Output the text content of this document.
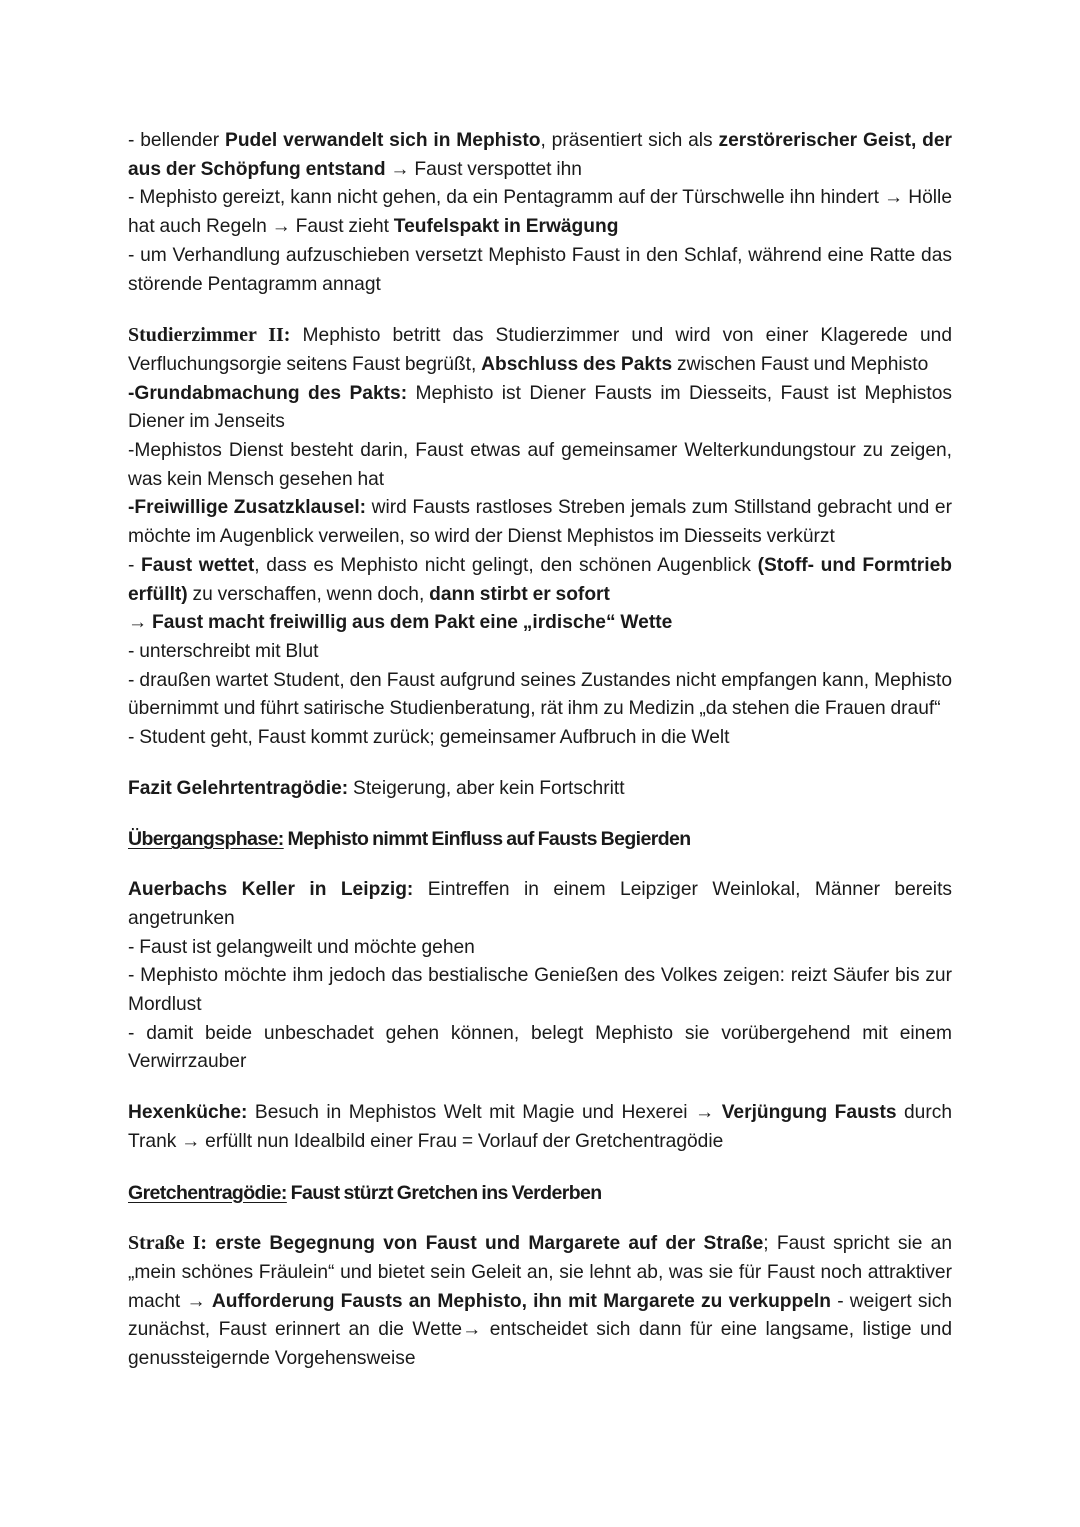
- bellender Pudel verwandelt sich in Mephisto, präsentiert sich als zerstörerischer Geist, der aus der Schöpfung entstand → Faust verspottet ihn

- Mephisto gereizt, kann nicht gehen, da ein Pentagramm auf der Türschwelle ihn hindert → Hölle hat auch Regeln → Faust zieht Teufelspakt in Erwägung

- um Verhandlung aufzuschieben versetzt Mephisto Faust in den Schlaf, während eine Ratte das störende Pentagramm annagt

Studierzimmer II: Mephisto betritt das Studierzimmer und wird von einer Klagerede und Verfluchungsorgie seitens Faust begrüßt, Abschluss des Pakts zwischen Faust und Mephisto

-Grundabmachung des Pakts: Mephisto ist Diener Fausts im Diesseits, Faust ist Mephistos Diener im Jenseits

-Mephistos Dienst besteht darin, Faust etwas auf gemeinsamer Welterkundungstour zu zeigen, was kein Mensch gesehen hat

-Freiwillige Zusatzklausel: wird Fausts rastloses Streben jemals zum Stillstand gebracht und er möchte im Augenblick verweilen, so wird der Dienst Mephistos im Diesseits verkürzt

- Faust wettet, dass es Mephisto nicht gelingt, den schönen Augenblick (Stoff- und Formtrieb erfüllt) zu verschaffen, wenn doch, dann stirbt er sofort

→ Faust macht freiwillig aus dem Pakt eine „irdische“ Wette

- unterschreibt mit Blut

- draußen wartet Student, den Faust aufgrund seines Zustandes nicht empfangen kann, Mephisto übernimmt und führt satirische Studienberatung, rät ihm zu Medizin „da stehen die Frauen drauf“

- Student geht, Faust kommt zurück; gemeinsamer Aufbruch in die Welt

Fazit Gelehrtentragödie: Steigerung, aber kein Fortschritt

Übergangsphase: Mephisto nimmt Einfluss auf Fausts Begierden

Auerbachs Keller in Leipzig: Eintreffen in einem Leipziger Weinlokal, Männer bereits angetrunken

- Faust ist gelangweilt und möchte gehen

- Mephisto möchte ihm jedoch das bestialische Genießen des Volkes zeigen: reizt Säufer bis zur Mordlust

- damit beide unbeschadet gehen können, belegt Mephisto sie vorübergehend mit einem Verwirrzauber

Hexenküche: Besuch in Mephistos Welt mit Magie und Hexerei → Verjüngung Fausts durch Trank → erfüllt nun Idealbild einer Frau = Vorlauf der Gretchentragödie

Gretchentragödie: Faust stürzt Gretchen ins Verderben

Straße I: erste Begegnung von Faust und Margarete auf der Straße; Faust spricht sie an „mein schönes Fräulein“ und bietet sein Geleit an, sie lehnt ab, was sie für Faust noch attraktiver macht → Aufforderung Fausts an Mephisto, ihn mit Margarete zu verkuppeln - weigert sich zunächst, Faust erinnert an die Wette→ entscheidet sich dann für eine langsame, listige und genussteigernde Vorgehensweise
